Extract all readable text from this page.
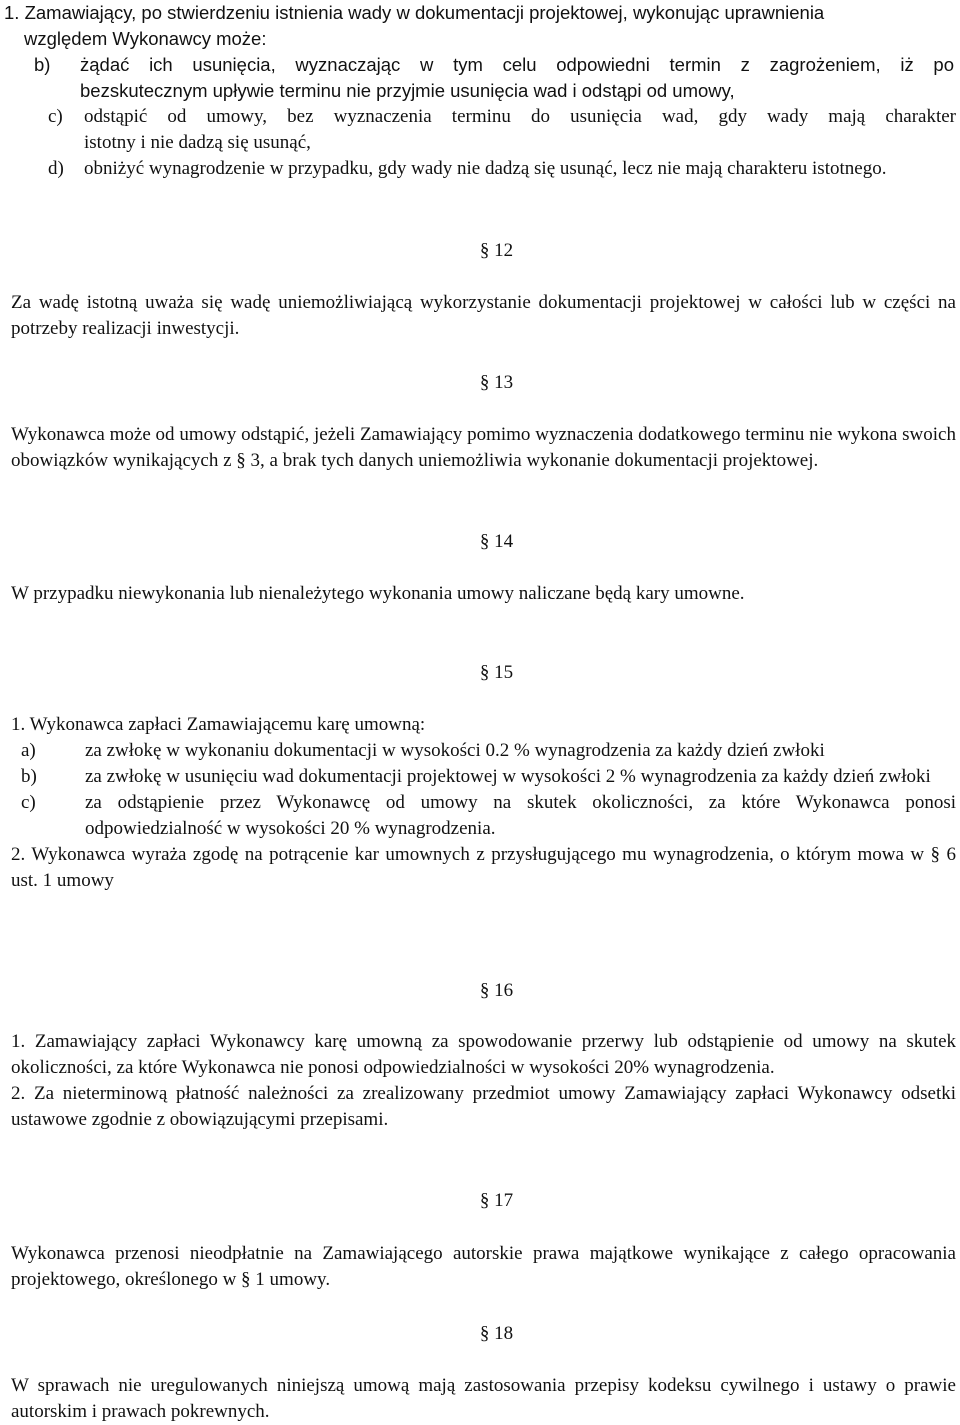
1. Zamawiający, po stwierdzeniu istnienia wady w dokumentacji projektowej, wykonując uprawnienia

względem Wykonawcy może:

b)	żądać ich usunięcia, wyznaczając w tym celu odpowiedni termin z zagrożeniem, iż po

bezskutecznym upływie terminu nie przyjmie usunięcia wad i odstąpi od umowy,

c)	odstąpić od umowy, bez wyznaczenia terminu do usunięcia wad, gdy wady mają charakter

istotny i nie dadzą się usunąć,

d)	obniżyć wynagrodzenie w przypadku, gdy wady nie dadzą się usunąć, lecz nie mają charakteru istotnego.
§ 12

Za wadę istotną uważa się wadę uniemożliwiającą wykorzystanie dokumentacji projektowej w całości lub w części na potrzeby realizacji inwestycji.

§ 13

Wykonawca może od umowy odstąpić, jeżeli Zamawiający pomimo wyznaczenia dodatkowego terminu nie wykona swoich obowiązków wynikających z § 3, a brak tych danych uniemożliwia wykonanie dokumentacji projektowej.

§ 14

W przypadku niewykonania lub nienależytego wykonania umowy naliczane będą kary umowne.

§ 15

1. Wykonawca zapłaci Zamawiającemu karę umowną:

a)	za zwłokę w wykonaniu dokumentacji w wysokości 0.2 % wynagrodzenia za każdy dzień zwłoki
b)	za zwłokę w usunięciu wad dokumentacji projektowej w wysokości 2 % wynagrodzenia za każdy dzień zwłoki
c)	za odstąpienie przez Wykonawcę od umowy na skutek okoliczności, za które Wykonawca ponosi odpowiedzialność w wysokości 20 % wynagrodzenia.

2. Wykonawca wyraża zgodę na potrącenie kar umownych z przysługującego mu wynagrodzenia, o którym mowa w § 6 ust. 1 umowy

§ 16

1. Zamawiający zapłaci Wykonawcy karę umowną za spowodowanie przerwy lub odstąpienie od umowy na skutek okoliczności, za które Wykonawca nie ponosi odpowiedzialności w wysokości 20% wynagrodzenia.

2. Za nieterminową płatność należności za zrealizowany przedmiot umowy Zamawiający zapłaci Wykonawcy odsetki ustawowe zgodnie z obowiązującymi przepisami.

§ 17

Wykonawca przenosi nieodpłatnie na Zamawiającego autorskie prawa majątkowe wynikające z całego opracowania projektowego, określonego w § 1 umowy.

§ 18

W sprawach nie uregulowanych niniejszą umową mają zastosowania przepisy kodeksu cywilnego i ustawy o prawie autorskim i prawach pokrewnych.
